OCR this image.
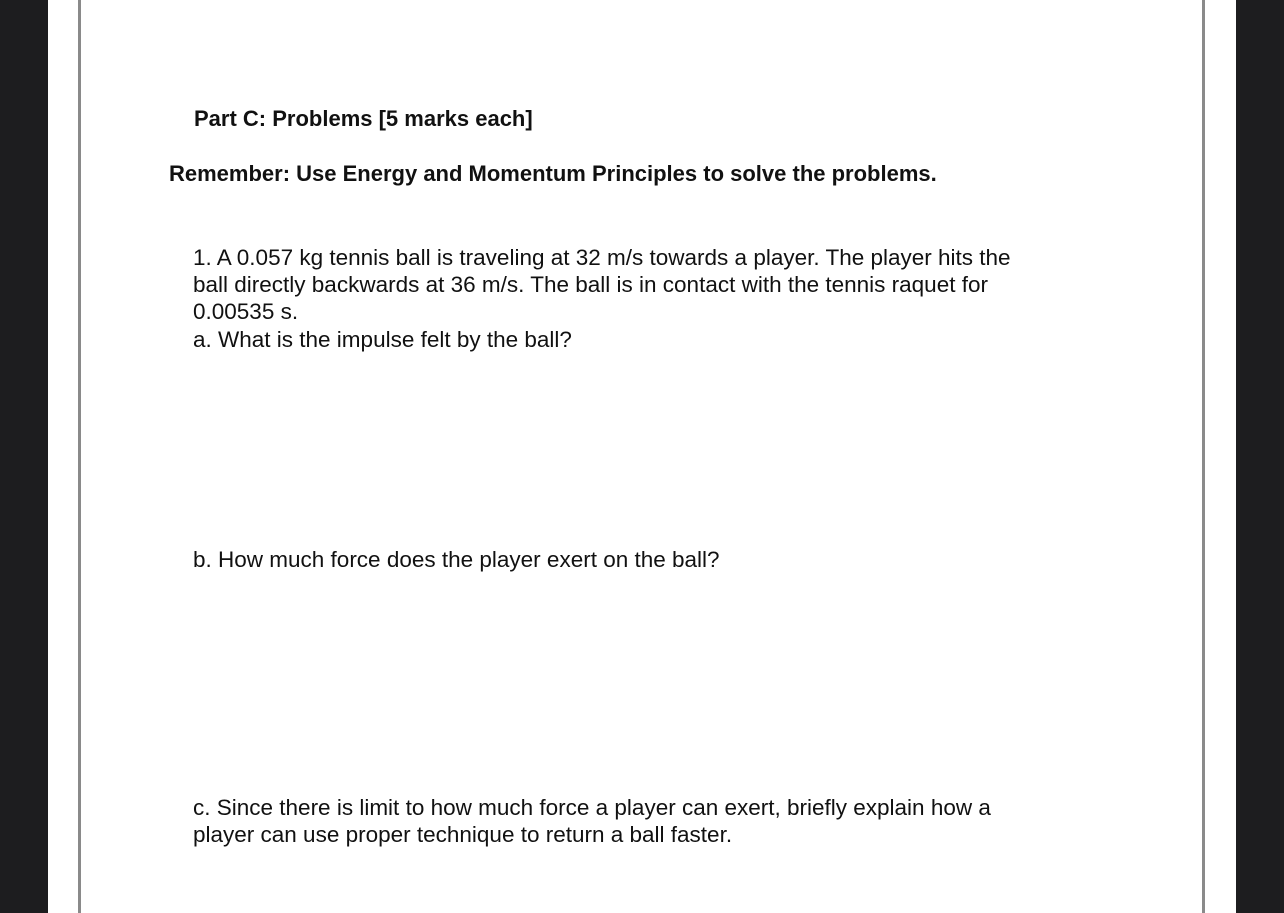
Part C: Problems [5 marks each]
Remember: Use Energy and Momentum Principles to solve the problems.
1. A 0.057 kg tennis ball is traveling at 32 m/s towards a player. The player hits the
ball directly backwards at 36 m/s. The ball is in contact with the tennis raquet for
0.00535 s.
a. What is the impulse felt by the ball?
b. How much force does the player exert on the ball?
c. Since there is limit to how much force a player can exert, briefly explain how a
player can use proper technique to return a ball faster.
